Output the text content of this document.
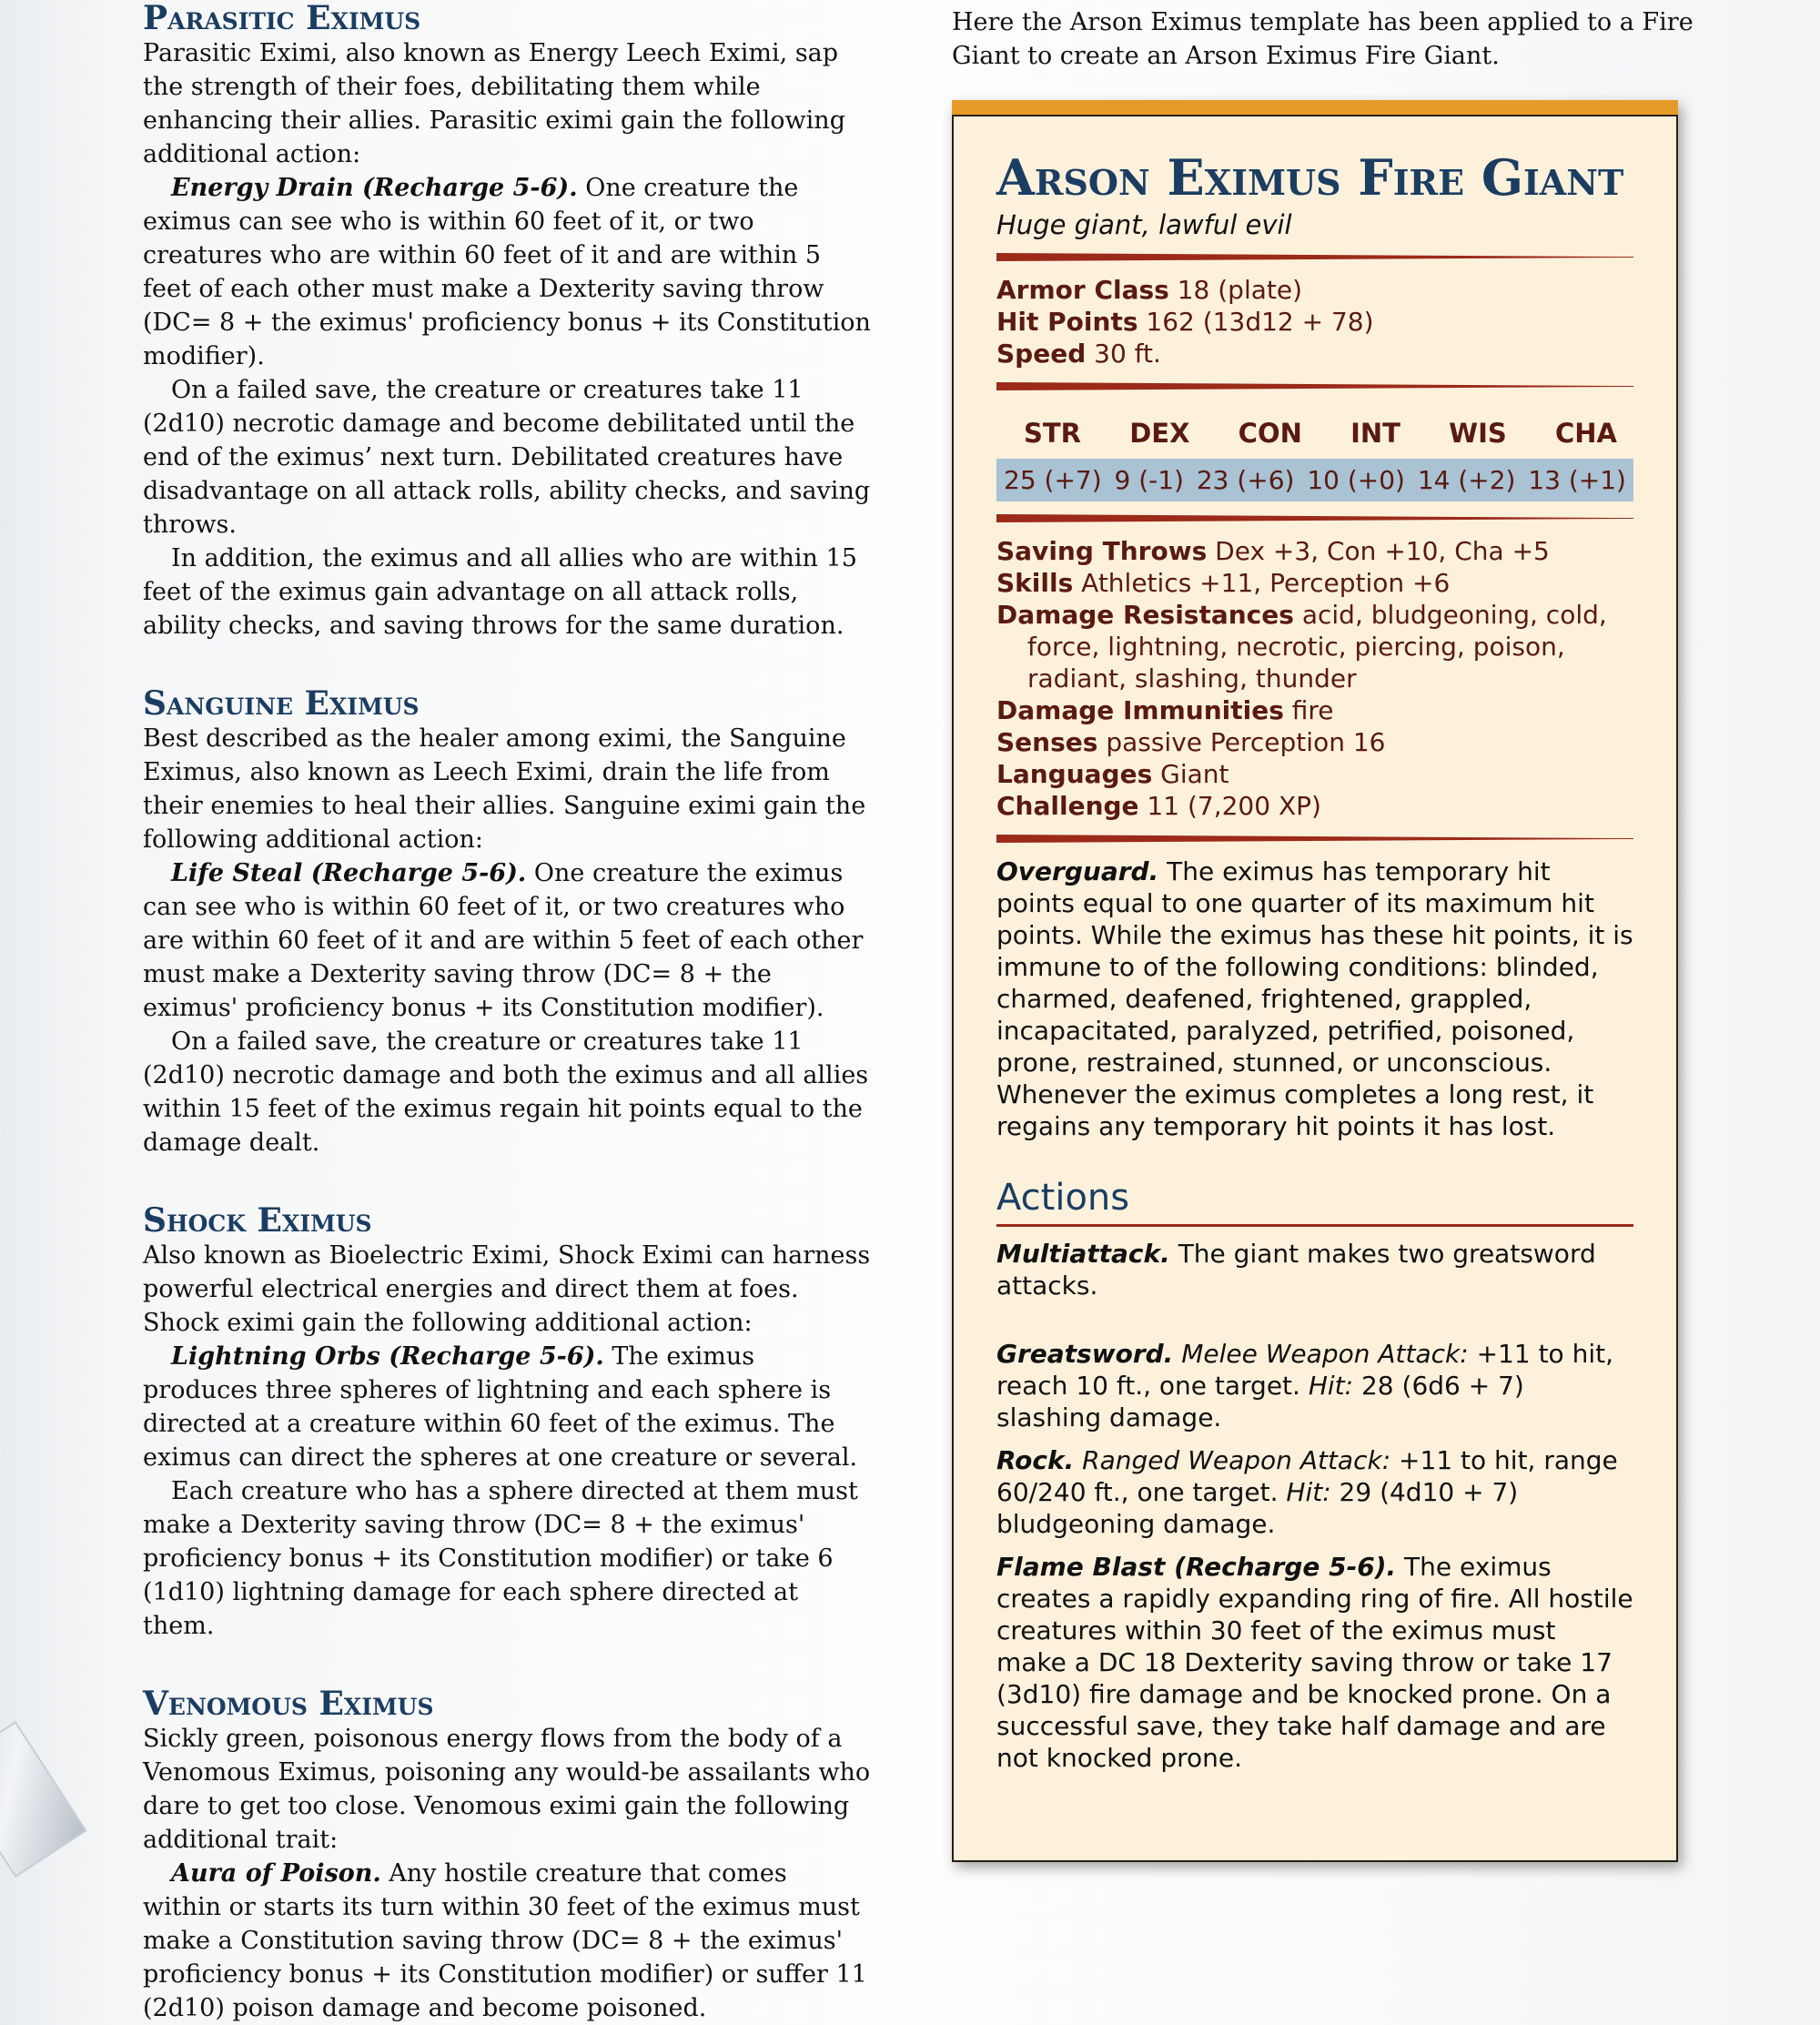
Parasitic Eximus

Parasitic Eximi, also known as Energy Leech Eximi, sap the strength of their foes, debilitating them while enhancing their allies. Parasitic eximi gain the following additional action:

Energy Drain (Recharge 5-6). One creature the eximus can see who is within 60 feet of it, or two creatures who are within 60 feet of it and are within 5 feet of each other must make a Dexterity saving throw (DC= 8 + the eximus' proficiency bonus + its Constitution modifier).

On a failed save, the creature or creatures take 11 (2d10) necrotic damage and become debilitated until the end of the eximus’ next turn. Debilitated creatures have disadvantage on all attack rolls, ability checks, and saving throws.

In addition, the eximus and all allies who are within 15 feet of the eximus gain advantage on all attack rolls, ability checks, and saving throws for the same duration.

Sanguine Eximus

Best described as the healer among eximi, the Sanguine Eximus, also known as Leech Eximi, drain the life from their enemies to heal their allies. Sanguine eximi gain the following additional action:

Life Steal (Recharge 5-6). One creature the eximus can see who is within 60 feet of it, or two creatures who are within 60 feet of it and are within 5 feet of each other must make a Dexterity saving throw (DC= 8 + the eximus' proficiency bonus + its Constitution modifier).

On a failed save, the creature or creatures take 11 (2d10) necrotic damage and both the eximus and all allies within 15 feet of the eximus regain hit points equal to the damage dealt.

Shock Eximus

Also known as Bioelectric Eximi, Shock Eximi can harness powerful electrical energies and direct them at foes. Shock eximi gain the following additional action:

Lightning Orbs (Recharge 5-6). The eximus produces three spheres of lightning and each sphere is directed at a creature within 60 feet of the eximus. The eximus can direct the spheres at one creature or several.

Each creature who has a sphere directed at them must make a Dexterity saving throw (DC= 8 + the eximus' proficiency bonus + its Constitution modifier) or take 6 (1d10) lightning damage for each sphere directed at them.

Venomous Eximus

Sickly green, poisonous energy flows from the body of a Venomous Eximus, poisoning any would-be assailants who dare to get too close. Venomous eximi gain the following additional trait:

Aura of Poison. Any hostile creature that comes within or starts its turn within 30 feet of the eximus must make a Constitution saving throw (DC= 8 + the eximus' proficiency bonus + its Constitution modifier) or suffer 11 (2d10) poison damage and become poisoned.

Here the Arson Eximus template has been applied to a Fire Giant to create an Arson Eximus Fire Giant.

Arson Eximus Fire Giant
Huge giant, lawful evil
Armor Class 18 (plate)
Hit Points 162 (13d12 + 78)
Speed 30 ft.
STR DEX CON INT WIS CHA
25 (+7) 9 (-1) 23 (+6) 10 (+0) 14 (+2) 13 (+1)
Saving Throws Dex +3, Con +10, Cha +5
Skills Athletics +11, Perception +6
Damage Resistances acid, bludgeoning, cold, force, lightning, necrotic, piercing, poison, radiant, slashing, thunder
Damage Immunities fire
Senses passive Perception 16
Languages Giant
Challenge 11 (7,200 XP)
Overguard. The eximus has temporary hit points equal to one quarter of its maximum hit points. While the eximus has these hit points, it is immune to of the following conditions: blinded, charmed, deafened, frightened, grappled, incapacitated, paralyzed, petrified, poisoned, prone, restrained, stunned, or unconscious. Whenever the eximus completes a long rest, it regains any temporary hit points it has lost.
Actions
Multiattack. The giant makes two greatsword attacks.
Greatsword. Melee Weapon Attack: +11 to hit, reach 10 ft., one target. Hit: 28 (6d6 + 7) slashing damage.
Rock. Ranged Weapon Attack: +11 to hit, range 60/240 ft., one target. Hit: 29 (4d10 + 7) bludgeoning damage.
Flame Blast (Recharge 5-6). The eximus creates a rapidly expanding ring of fire. All hostile creatures within 30 feet of the eximus must make a DC 18 Dexterity saving throw or take 17 (3d10) fire damage and be knocked prone. On a successful save, they take half damage and are not knocked prone.
